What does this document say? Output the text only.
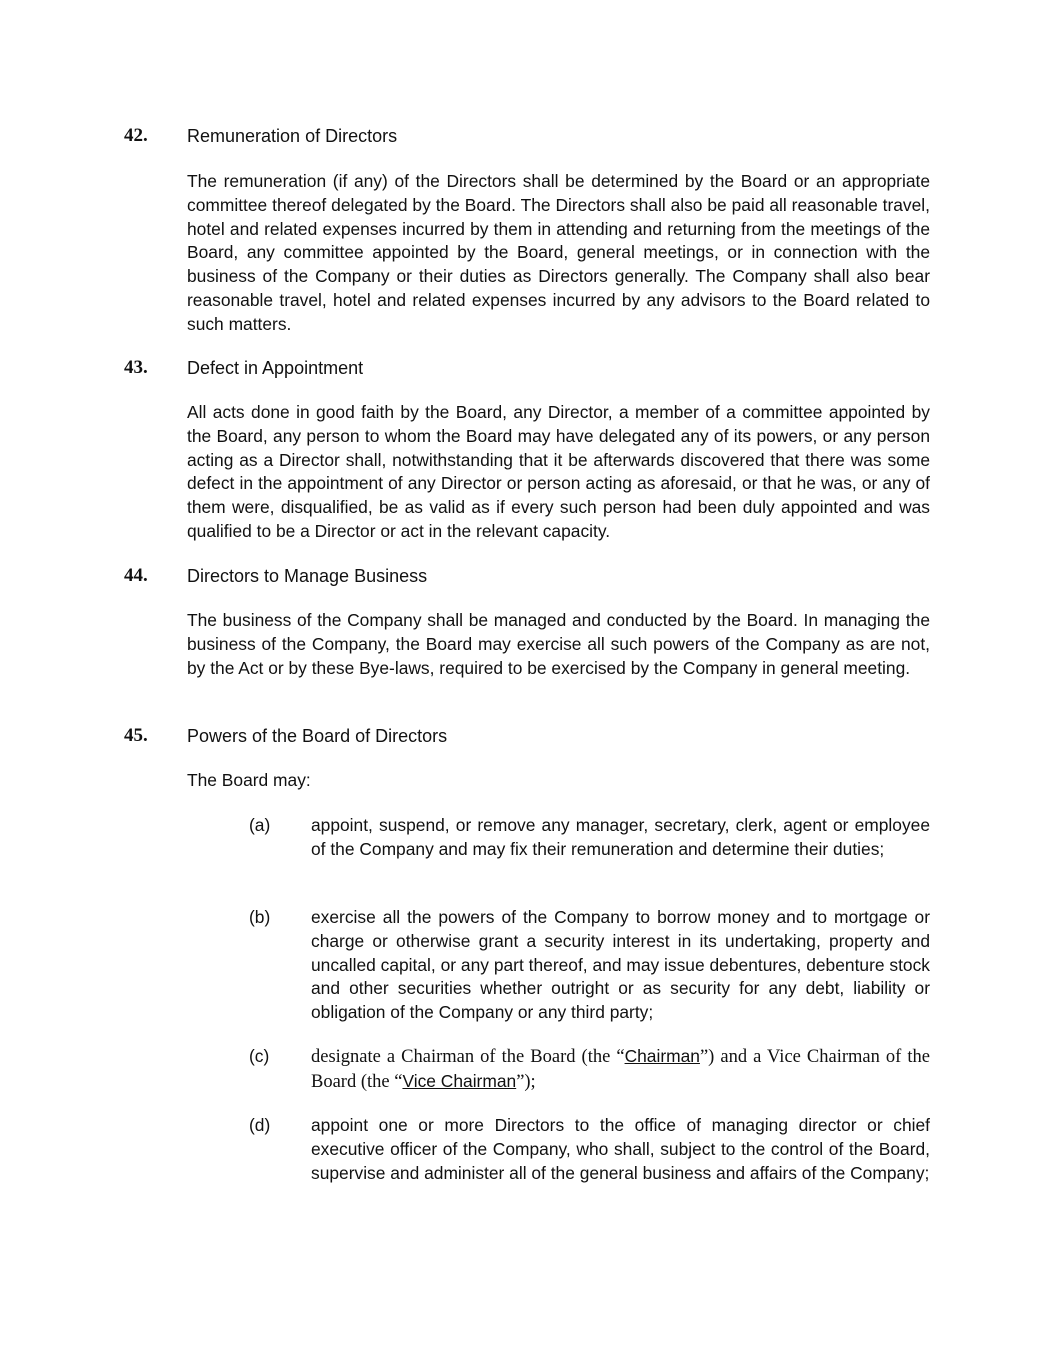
42. Remuneration of Directors

The remuneration (if any) of the Directors shall be determined by the Board or an appropriate committee thereof delegated by the Board. The Directors shall also be paid all reasonable travel, hotel and related expenses incurred by them in attending and returning from the meetings of the Board, any committee appointed by the Board, general meetings, or in connection with the business of the Company or their duties as Directors generally. The Company shall also bear reasonable travel, hotel and related expenses incurred by any advisors to the Board related to such matters.

43. Defect in Appointment

All acts done in good faith by the Board, any Director, a member of a committee appointed by the Board, any person to whom the Board may have delegated any of its powers, or any person acting as a Director shall, notwithstanding that it be afterwards discovered that there was some defect in the appointment of any Director or person acting as aforesaid, or that he was, or any of them were, disqualified, be as valid as if every such person had been duly appointed and was qualified to be a Director or act in the relevant capacity.

44. Directors to Manage Business

The business of the Company shall be managed and conducted by the Board. In managing the business of the Company, the Board may exercise all such powers of the Company as are not, by the Act or by these Bye-laws, required to be exercised by the Company in general meeting.

45. Powers of the Board of Directors

The Board may:

(a) appoint, suspend, or remove any manager, secretary, clerk, agent or employee of the Company and may fix their remuneration and determine their duties;

(b) exercise all the powers of the Company to borrow money and to mortgage or charge or otherwise grant a security interest in its undertaking, property and uncalled capital, or any part thereof, and may issue debentures, debenture stock and other securities whether outright or as security for any debt, liability or obligation of the Company or any third party;

(c) designate a Chairman of the Board (the “Chairman”) and a Vice Chairman of the Board (the “Vice Chairman”);

(d) appoint one or more Directors to the office of managing director or chief executive officer of the Company, who shall, subject to the control of the Board, supervise and administer all of the general business and affairs of the Company;
